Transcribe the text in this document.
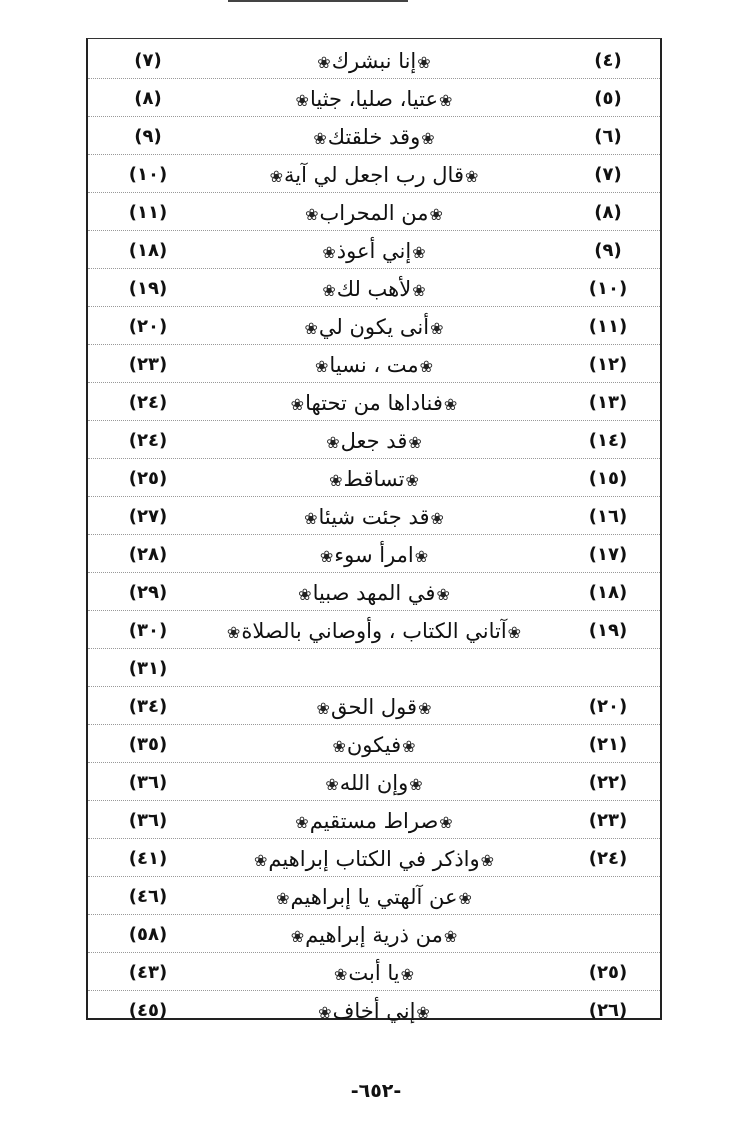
(٧)	❀إنا نبشرك❀	(٤)
(٨)	❀عتيا، صليا، جثيا❀	(٥)
(٩)	❀وقد خلقتك❀	(٦)
(١٠)	❀قال رب اجعل لي آية❀	(٧)
(١١)	❀من المحراب❀	(٨)
(١٨)	❀إني أعوذ❀	(٩)
(١٩)	❀لأهب لك❀	(١٠)
(٢٠)	❀أنى يكون لي❀	(١١)
(٢٣)	❀مت ، نسيا❀	(١٢)
(٢٤)	❀فناداها من تحتها❀	(١٣)
(٢٤)	❀قد جعل❀	(١٤)
(٢٥)	❀تساقط❀	(١٥)
(٢٧)	❀قد جئت شيئا❀	(١٦)
(٢٨)	❀امرأ سوء❀	(١٧)
(٢٩)	❀في المهد صبيا❀	(١٨)
(٣٠)	❀آتاني الكتاب ، وأوصاني بالصلاة❀	(١٩)
(٣١)
(٣٤)	❀قول الحق❀	(٢٠)
(٣٥)	❀فيكون❀	(٢١)
(٣٦)	❀وإن الله❀	(٢٢)
(٣٦)	❀صراط مستقيم❀	(٢٣)
(٤١)	❀واذكر في الكتاب إبراهيم❀	(٢٤)
(٤٦)	❀عن آلهتي يا إبراهيم❀
(٥٨)	❀من ذرية إبراهيم❀
(٤٣)	❀يا أبت❀	(٢٥)
(٤٥)	❀إني أخاف❀	(٢٦)
-٦٥٢-
